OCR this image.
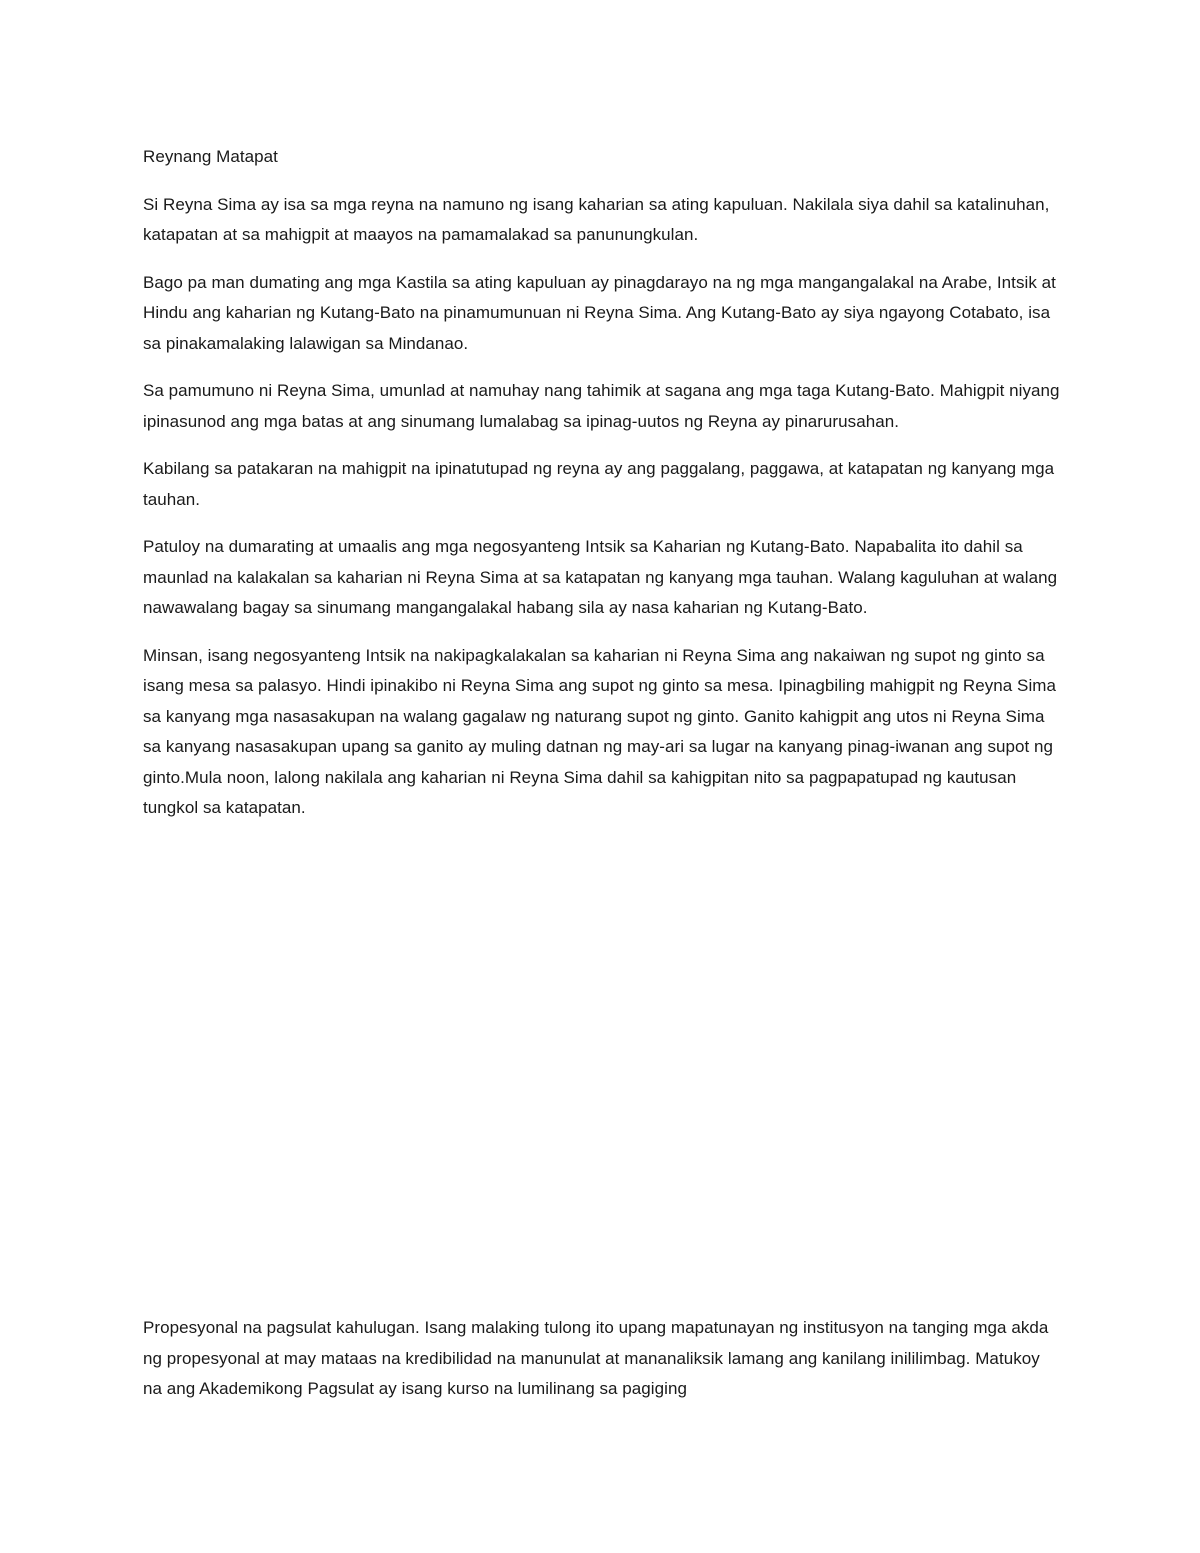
Reynang Matapat

Si Reyna Sima ay isa sa mga reyna na namuno ng isang kaharian sa ating kapuluan. Nakilala siya dahil sa katalinuhan, katapatan at sa mahigpit at maayos na pamamalakad sa panunungkulan.

Bago pa man dumating ang mga Kastila sa ating kapuluan ay pinagdarayo na ng mga mangangalakal na Arabe, Intsik at Hindu ang kaharian ng Kutang-Bato na pinamumunuan ni Reyna Sima. Ang Kutang-Bato ay siya ngayong Cotabato, isa sa pinakamalaking lalawigan sa Mindanao.

Sa pamumuno ni Reyna Sima, umunlad at namuhay nang tahimik at sagana ang mga taga Kutang-Bato. Mahigpit niyang ipinasunod ang mga batas at ang sinumang lumalabag sa ipinag-uutos ng Reyna ay pinarurusahan.

Kabilang sa patakaran na mahigpit na ipinatutupad ng reyna ay ang paggalang, paggawa, at katapatan ng kanyang mga tauhan.

Patuloy na dumarating at umaalis ang mga negosyanteng Intsik sa Kaharian ng Kutang-Bato. Napabalita ito dahil sa maunlad na kalakalan sa kaharian ni Reyna Sima at sa katapatan ng kanyang mga tauhan. Walang kaguluhan at walang nawawalang bagay sa sinumang mangangalakal habang sila ay nasa kaharian ng Kutang-Bato.

Minsan, isang negosyanteng Intsik na nakipagkalakalan sa kaharian ni Reyna Sima ang nakaiwan ng supot ng ginto sa isang mesa sa palasyo. Hindi ipinakibo ni Reyna Sima ang supot ng ginto sa mesa. Ipinagbiling mahigpit ng Reyna Sima sa kanyang mga nasasakupan na walang gagalaw ng naturang supot ng ginto. Ganito kahigpit ang utos ni Reyna Sima sa kanyang nasasakupan upang sa ganito ay muling datnan ng may-ari sa lugar na kanyang pinag-iwanan ang supot ng ginto.Mula noon, lalong nakilala ang kaharian ni Reyna Sima dahil sa kahigpitan nito sa pagpapatupad ng kautusan tungkol sa katapatan.

Propesyonal na pagsulat kahulugan. Isang malaking tulong ito upang mapatunayan ng institusyon na tanging mga akda ng propesyonal at may mataas na kredibilidad na manunulat at mananaliksik lamang ang kanilang inililimbag. Matukoy na ang Akademikong Pagsulat ay isang kurso na lumilinang sa pagiging
